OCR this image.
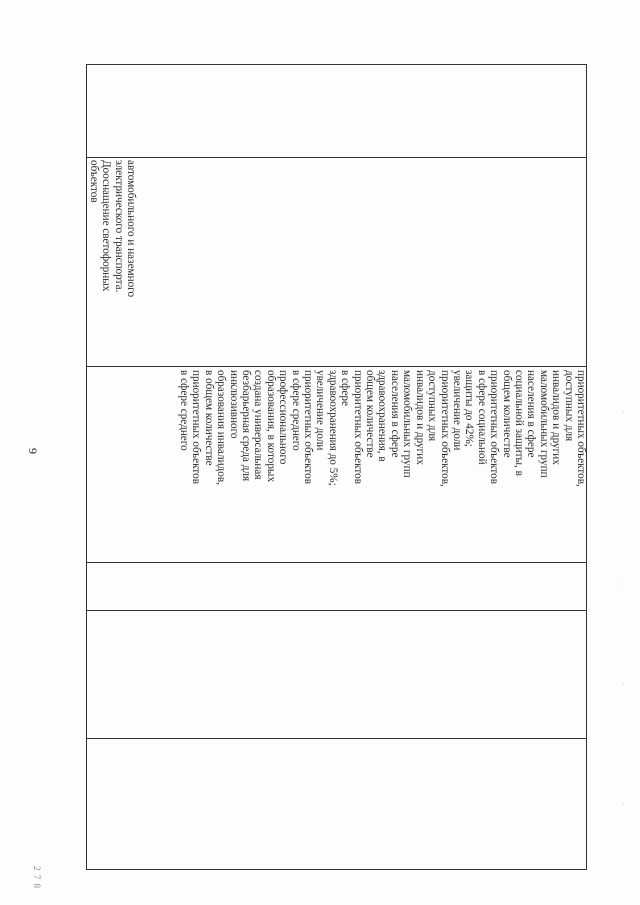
9
2 7 8
приоритетных объектов,
доступных для
инвалидов и других
маломобильных групп
населения в сфере
социальной защиты, в
общем количестве
приоритетных объектов
в сфере социальной
защиты до 42%;
увеличение доли
приоритетных объектов,
доступных для
инвалидов и других
маломобильных групп
населения в сфере
здравоохранения, в
общем количестве
приоритетных объектов
в сфере
здравоохранения до 5%;
увеличение доли
приоритетных объектов
в сфере среднего
профессионального
образования, в которых
создана универсальная
безбарьерная среда для
инклюзивного
образования инвалидов,
в общем количестве
приоритетных объектов
в сфере среднего
автомобильного и наземного
электрического транспорта.
Дооснащение светофорных
объектов
·
·
·
·
